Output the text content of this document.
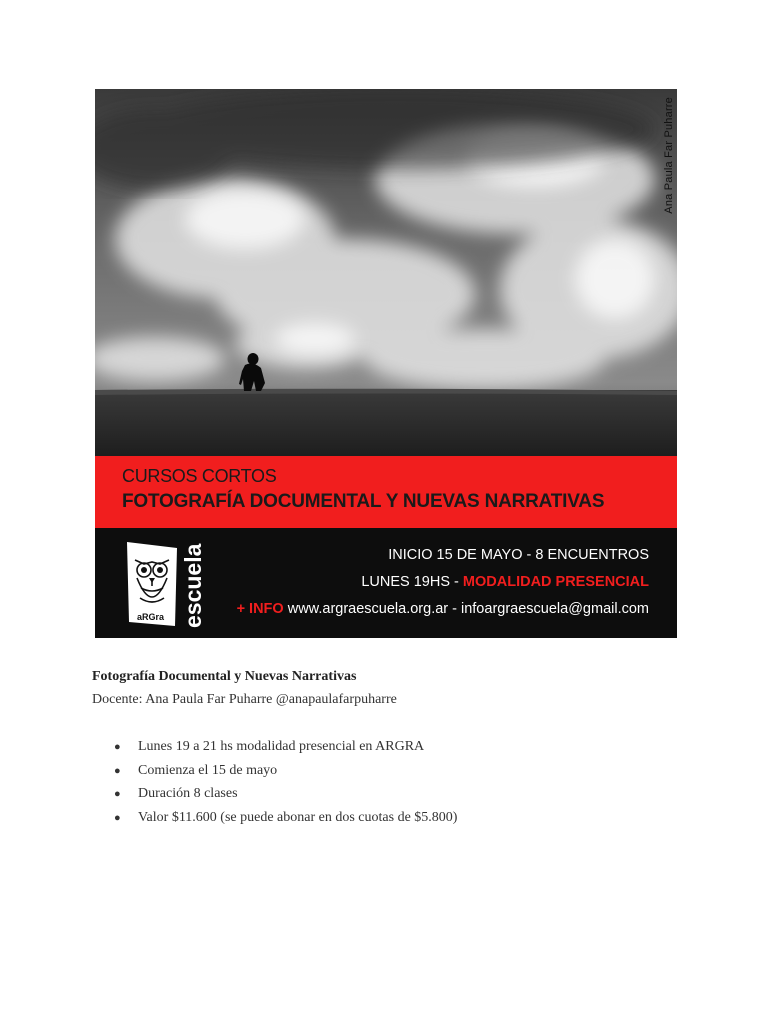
Ana Paula Far Puharre
CURSOS CORTOS
FOTOGRAFÍA DOCUMENTAL Y NUEVAS NARRATIVAS
aRGra escuela	INICIO 15 DE MAYO - 8 ENCUENTROS
LUNES 19HS - MODALIDAD PRESENCIAL
+ INFO www.argraescuela.org.ar - infoargraescuela@gmail.com
Fotografía Documental y Nuevas Narrativas
Docente: Ana Paula Far Puharre @anapaulafarpuharre
● Lunes 19 a 21 hs modalidad presencial en ARGRA
● Comienza el 15 de mayo
● Duración 8 clases
● Valor $11.600 (se puede abonar en dos cuotas de $5.800)
